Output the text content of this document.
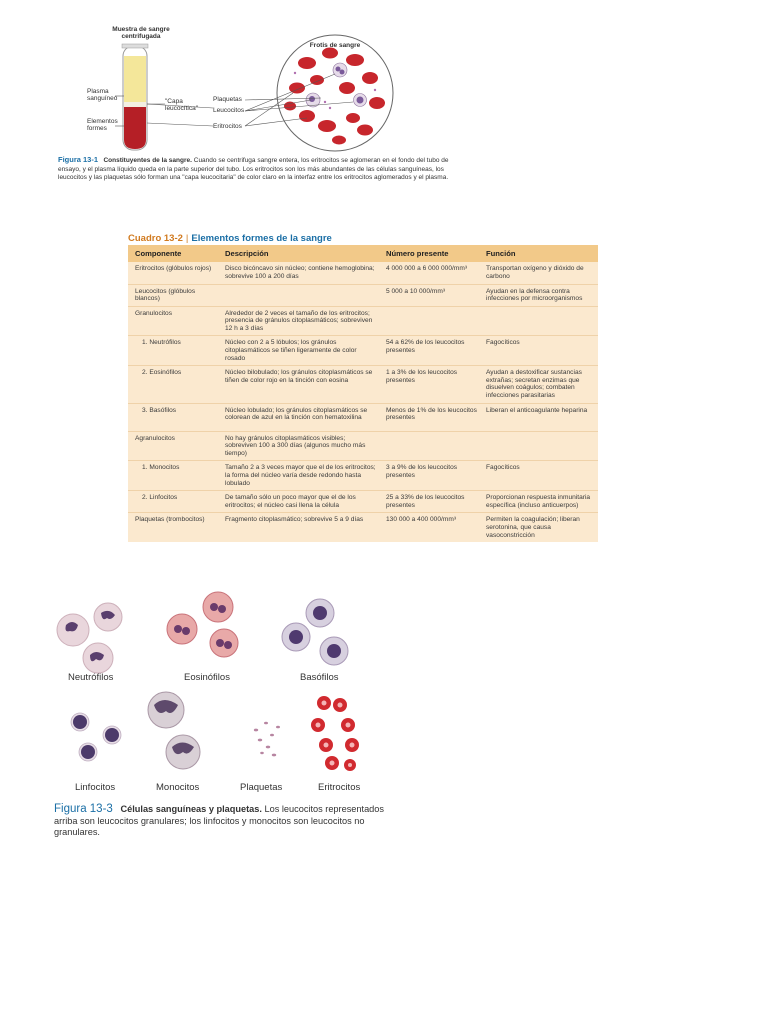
Muestra de sangre centrifugada
Frotis de sangre
Plasma sanguíneo	"Capa leucocítica"
Elementos formes
Plaquetas
Leucocitos
Eritrocitos
Figura 13-1 Constituyentes de la sangre. Cuando se centrifuga sangre entera, los eritrocitos se aglomeran en el fondo del tubo de ensayo, y el plasma líquido queda en la parte superior del tubo. Los eritrocitos son los más abundantes de las células sanguíneas, los leucocitos y las plaquetas sólo forman una "capa leucocitaria" de color claro en la interfaz entre los eritrocitos aglomerados y el plasma.
Cuadro 13-2 | Elementos formes de la sangre
Componente	Descripción	Número presente	Función
Eritrocitos (glóbulos rojos)	Disco bicóncavo sin núcleo; contiene hemoglobina; sobrevive 100 a 200 días	4 000 000 a 6 000 000/mm³	Transportan oxígeno y dióxido de carbono
Leucocitos (glóbulos blancos)		5 000 a 10 000/mm³	Ayudan en la defensa contra infecciones por microorganismos
Granulocitos	Alrededor de 2 veces el tamaño de los eritrocitos; presencia de gránulos citoplasmáticos; sobreviven 12 h a 3 días		
1. Neutrófilos	Núcleo con 2 a 5 lóbulos; los gránulos citoplasmáticos se tiñen ligeramente de color rosado	54 a 62% de los leucocitos presentes	Fagocíticos
2. Eosinófilos	Núcleo bilobulado; los gránulos citoplasmáticos se tiñen de color rojo en la tinción con eosina	1 a 3% de los leucocitos presentes	Ayudan a destoxificar sustancias extrañas; secretan enzimas que disuelven coágulos; combaten infecciones parasitarias
3. Basófilos	Núcleo lobulado; los gránulos citoplasmáticos se colorean de azul en la tinción con hematoxilina	Menos de 1% de los leucocitos presentes	Liberan el anticoagulante heparina
Agranulocitos	No hay gránulos citoplasmáticos visibles; sobreviven 100 a 300 días (algunos mucho más tiempo)		
1. Monocitos	Tamaño 2 a 3 veces mayor que el de los eritrocitos; la forma del núcleo varía desde redondo hasta lobulado	3 a 9% de los leucocitos presentes	Fagocíticos
2. Linfocitos	De tamaño sólo un poco mayor que el de los eritrocitos; el núcleo casi llena la célula	25 a 33% de los leucocitos presentes	Proporcionan respuesta inmunitaria específica (incluso anticuerpos)
Plaquetas (trombocitos)	Fragmento citoplasmático; sobrevive 5 a 9 días	130 000 a 400 000/mm³	Permiten la coagulación; liberan serotonina, que causa vasoconstricción
Neutrófilos	Eosinófilos	Basófilos
Linfocitos	Monocitos	Plaquetas	Eritrocitos
Figura 13-3 Células sanguíneas y plaquetas. Los leucocitos representados arriba son leucocitos granulares; los linfocitos y monocitos son leucocitos no granulares.
